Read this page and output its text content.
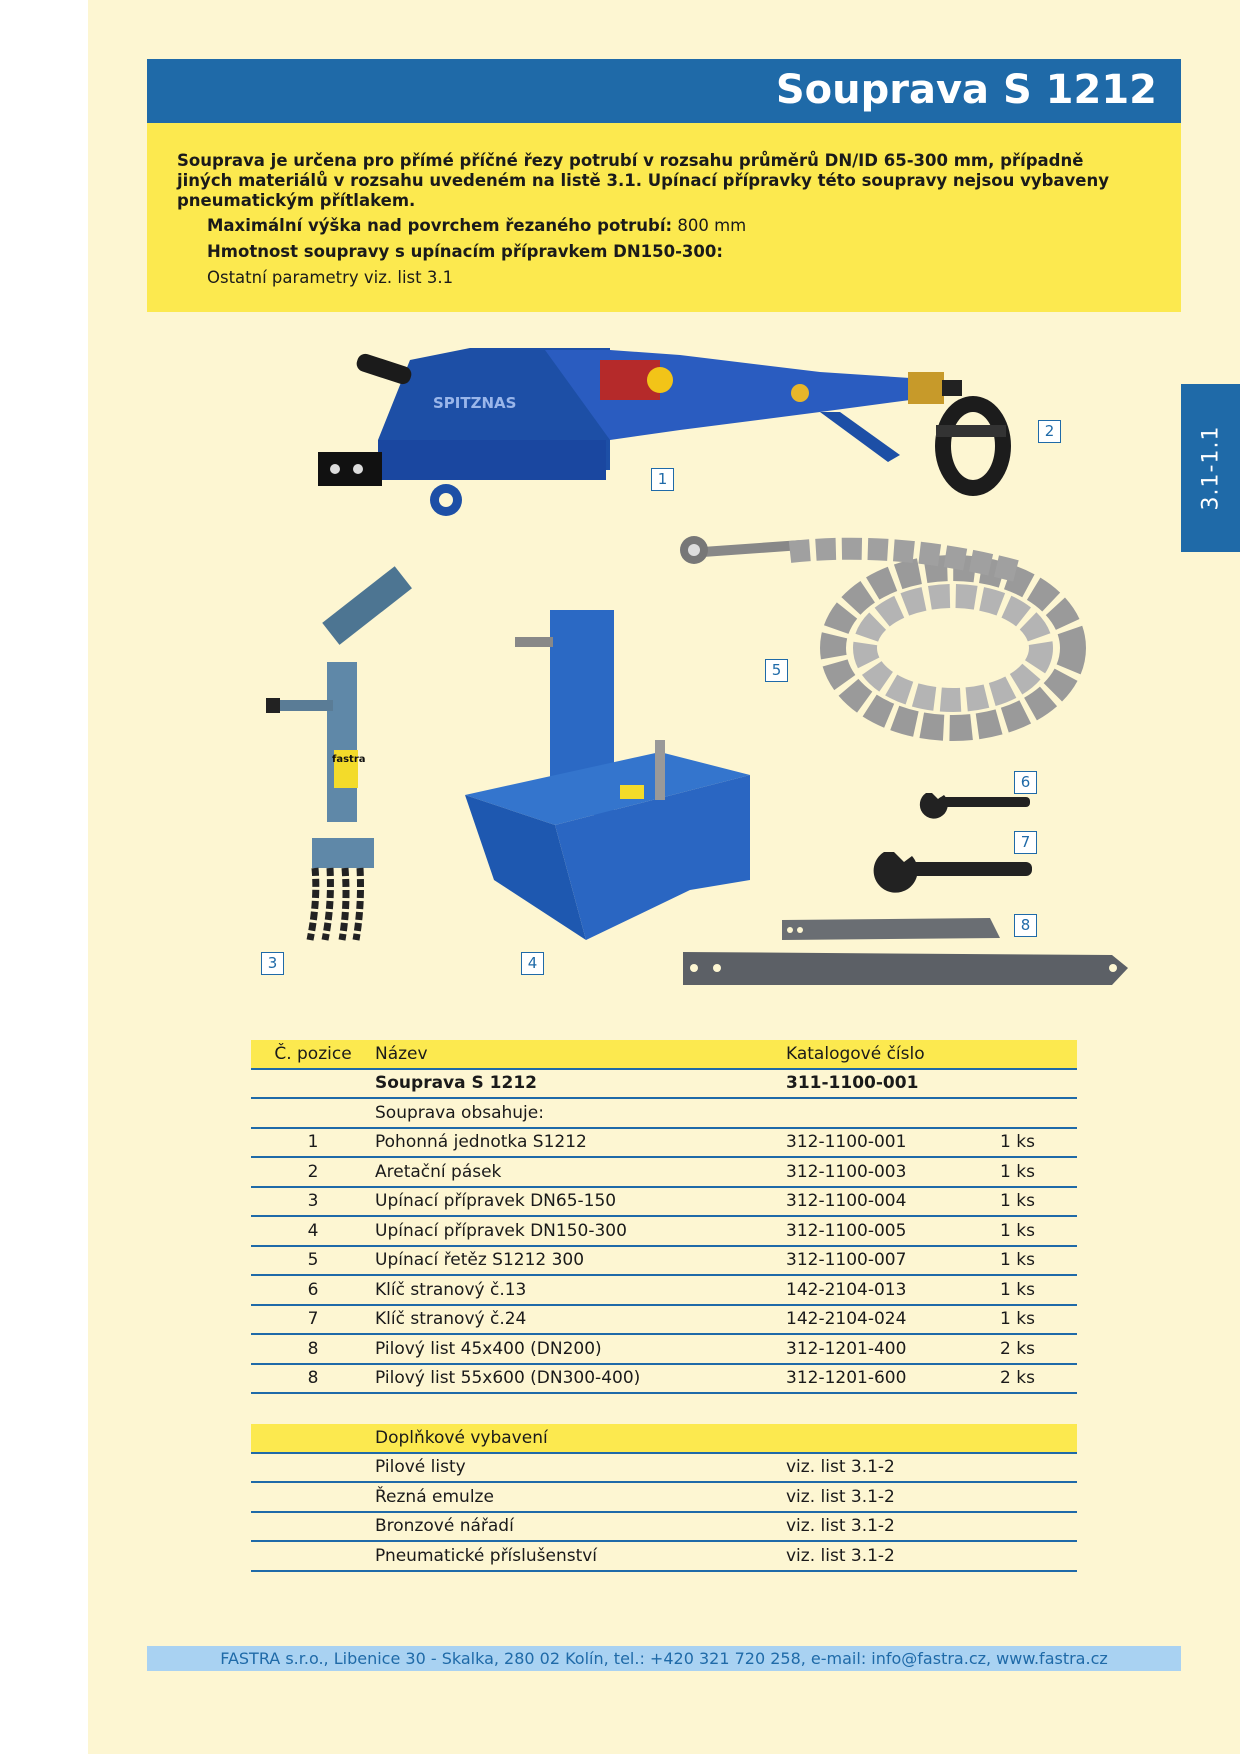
Souprava S 1212
Souprava je určena pro přímé příčné řezy potrubí v rozsahu průměrů DN/ID 65-300 mm, případně jiných materiálů v rozsahu uvedeném na listě 3.1. Upínací přípravky této soupravy nejsou vybaveny pneumatickým přítlakem.
Maximální výška nad povrchem řezaného potrubí: 800 mm
Hmotnost soupravy s upínacím přípravkem DN150-300:
Ostatní parametry viz. list 3.1
3.1-1.1
SPITZNAS
fastra
1
2
3	4
5
6
7
8
Č. pozice	Název	Katalogové číslo	
	Souprava S 1212	311-1100-001	
	Souprava obsahuje:		
1	Pohonná jednotka S1212	312-1100-001	1 ks
2	Aretační pásek	312-1100-003	1 ks
3	Upínací přípravek DN65-150	312-1100-004	1 ks
4	Upínací přípravek DN150-300	312-1100-005	1 ks
5	Upínací řetěz S1212 300	312-1100-007	1 ks
6	Klíč stranový č.13	142-2104-013	1 ks
7	Klíč stranový č.24	142-2104-024	1 ks
8	Pilový list 45x400 (DN200)	312-1201-400	2 ks
8	Pilový list 55x600 (DN300-400)	312-1201-600	2 ks
	Doplňkové vybavení		
	Pilové listy	viz. list 3.1-2	
	Řezná emulze	viz. list 3.1-2	
	Bronzové nářadí	viz. list 3.1-2	
	Pneumatické příslušenství	viz. list 3.1-2	
FASTRA s.r.o., Libenice 30 - Skalka, 280 02 Kolín, tel.: +420 321 720 258, e-mail: info@fastra.cz, www.fastra.cz
